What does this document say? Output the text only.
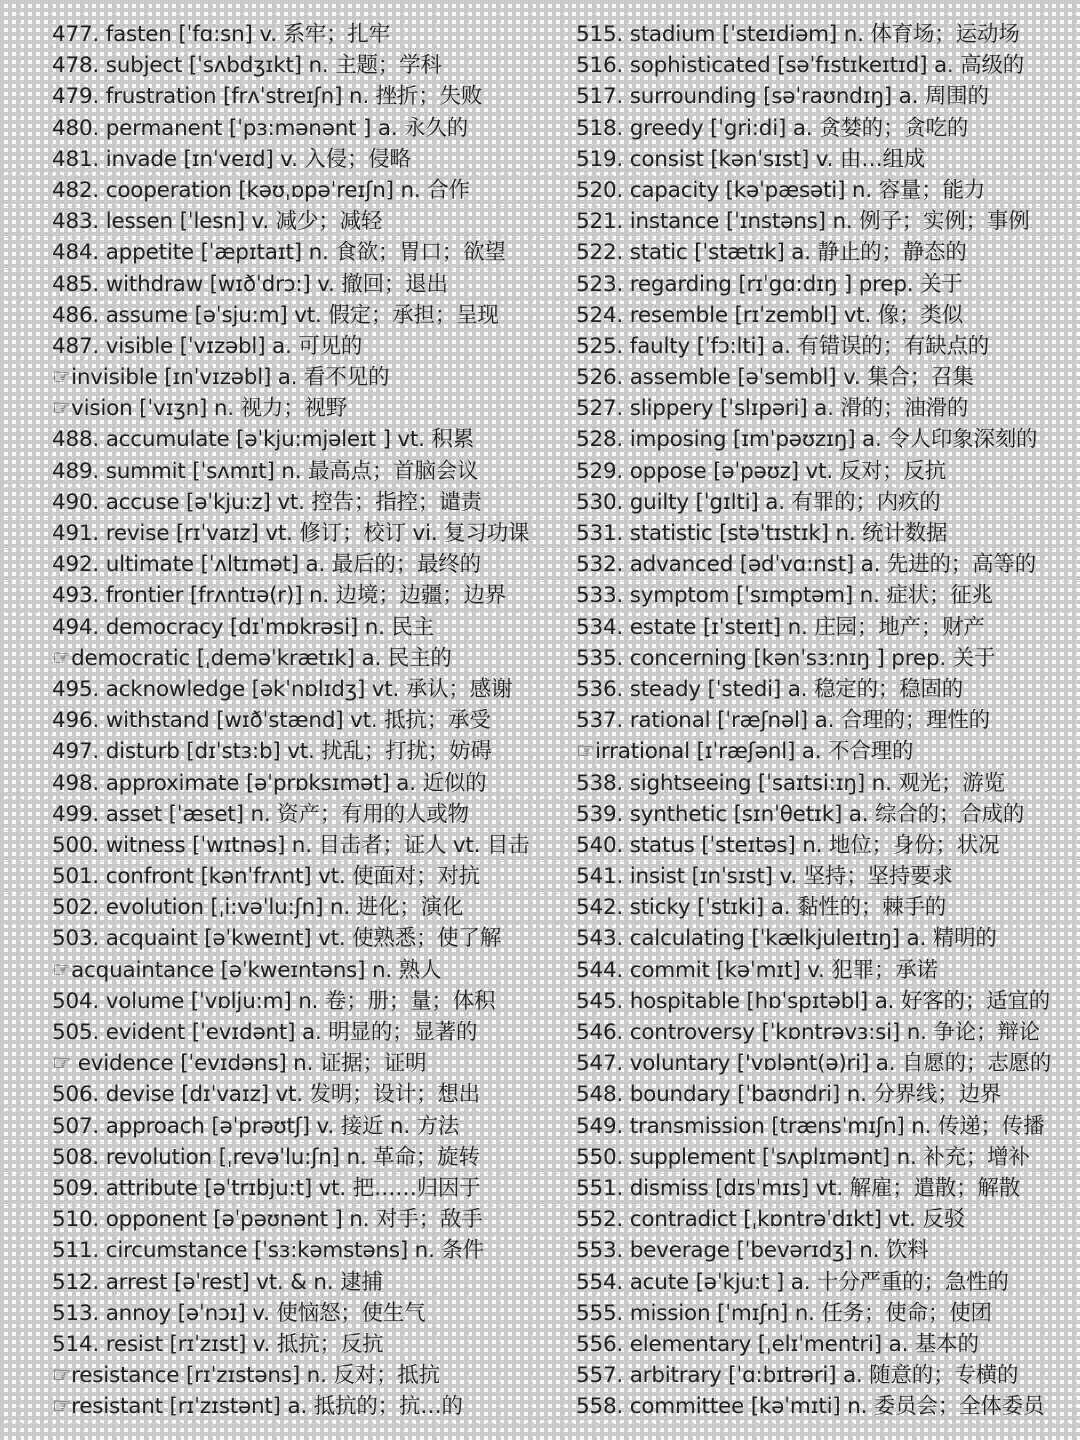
477. fasten [ˈfɑ:sn] v. 系牢；扎牢
478. subject [ˈsʌbdʒɪkt] n. 主题；学科
479. frustration [frʌˈstreɪʃn] n. 挫折；失败
480. permanent [ˈpɜ:mənənt ] a. 永久的
481. invade [ɪnˈveɪd] v. 入侵；侵略
482. cooperation [kəʊˌɒpəˈreɪʃn] n. 合作
483. lessen [ˈlesn] v. 减少；减轻
484. appetite [ˈæpɪtaɪt] n. 食欲；胃口；欲望
485. withdraw [wɪðˈdrɔ:] v. 撤回；退出
486. assume [əˈsju:m] vt. 假定；承担；呈现
487. visible [ˈvɪzəbl] a. 可见的
☞invisible [ɪnˈvɪzəbl] a. 看不见的
☞vision [ˈvɪʒn] n. 视力；视野
488. accumulate [əˈkju:mjəleɪt ] vt. 积累
489. summit [ˈsʌmɪt] n. 最高点；首脑会议
490. accuse [əˈkju:z] vt. 控告；指控；谴责
491. revise [rɪˈvaɪz] vt. 修订；校订 vi. 复习功课
492. ultimate [ˈʌltɪmət] a. 最后的；最终的
493. frontier [frʌntɪə(r)] n. 边境；边疆；边界
494. democracy [dɪˈmɒkrəsi] n. 民主
☞democratic [ˌdeməˈkrætɪk] a. 民主的
495. acknowledge [əkˈnɒlɪdʒ] vt. 承认；感谢
496. withstand [wɪðˈstænd] vt. 抵抗；承受
497. disturb [dɪˈstɜ:b] vt. 扰乱；打扰；妨碍
498. approximate [əˈprɒksɪmət] a. 近似的
499. asset [ˈæset] n. 资产；有用的人或物
500. witness [ˈwɪtnəs] n. 目击者；证人 vt. 目击
501. confront [kənˈfrʌnt] vt. 使面对；对抗
502. evolution [ˌi:vəˈlu:ʃn] n. 进化；演化
503. acquaint [əˈkweɪnt] vt. 使熟悉；使了解
☞acquaintance [əˈkweɪntəns] n. 熟人
504. volume [ˈvɒlju:m] n. 卷；册；量；体积
505. evident [ˈevɪdənt] a. 明显的；显著的
☞ evidence [ˈevɪdəns] n. 证据；证明
506. devise [dɪˈvaɪz] vt. 发明；设计；想出
507. approach [əˈprəʊtʃ] v. 接近 n. 方法
508. revolution [ˌrevəˈlu:ʃn] n. 革命；旋转
509. attribute [əˈtrɪbju:t] vt. 把……归因于
510. opponent [əˈpəʊnənt ] n. 对手；敌手
511. circumstance [ˈsɜ:kəmstəns] n. 条件
512. arrest [əˈrest] vt. & n. 逮捕
513. annoy [əˈnɔɪ] v. 使恼怒；使生气
514. resist [rɪˈzɪst] v. 抵抗；反抗
☞resistance [rɪˈzɪstəns] n. 反对；抵抗
☞resistant [rɪˈzɪstənt] a. 抵抗的；抗…的
515. stadium [ˈsteɪdiəm] n. 体育场；运动场
516. sophisticated [səˈfɪstɪkeɪtɪd] a. 高级的
517. surrounding [səˈraʊndɪŋ] a. 周围的
518. greedy [ˈgri:di] a. 贪婪的；贪吃的
519. consist [kənˈsɪst] v. 由…组成
520. capacity [kəˈpæsəti] n. 容量；能力
521. instance [ˈɪnstəns] n. 例子；实例；事例
522. static [ˈstætɪk] a. 静止的；静态的
523. regarding [rɪˈgɑ:dɪŋ ] prep. 关于
524. resemble [rɪˈzembl] vt. 像；类似
525. faulty [ˈfɔ:lti] a. 有错误的；有缺点的
526. assemble [əˈsembl] v. 集合；召集
527. slippery [ˈslɪpəri] a. 滑的；油滑的
528. imposing [ɪmˈpəʊzɪŋ] a. 令人印象深刻的
529. oppose [əˈpəʊz] vt. 反对；反抗
530. guilty [ˈgɪlti] a. 有罪的；内疚的
531. statistic [stəˈtɪstɪk] n. 统计数据
532. advanced [ədˈvɑ:nst] a. 先进的；高等的
533. symptom [ˈsɪmptəm] n. 症状；征兆
534. estate [ɪˈsteɪt] n. 庄园；地产；财产
535. concerning [kənˈsɜ:nɪŋ ] prep. 关于
536. steady [ˈstedi] a. 稳定的；稳固的
537. rational [ˈræʃnəl] a. 合理的；理性的
☞irrational [ɪˈræʃənl] a. 不合理的
538. sightseeing [ˈsaɪtsi:ɪŋ] n. 观光；游览
539. synthetic [sɪnˈθetɪk] a. 综合的；合成的
540. status [ˈsteɪtəs] n. 地位；身份；状况
541. insist [ɪnˈsɪst] v. 坚持；坚持要求
542. sticky [ˈstɪki] a. 黏性的；棘手的
543. calculating [ˈkælkjuleɪtɪŋ] a. 精明的
544. commit [kəˈmɪt] v. 犯罪；承诺
545. hospitable [hɒˈspɪtəbl] a. 好客的；适宜的
546. controversy [ˈkɒntrəvɜ:si] n. 争论；辩论
547. voluntary ['vɒlənt(ə)ri] a. 自愿的；志愿的
548. boundary [ˈbaʊndri] n. 分界线；边界
549. transmission [trænsˈmɪʃn] n. 传递；传播
550. supplement [ˈsʌplɪmənt] n. 补充；增补
551. dismiss [dɪsˈmɪs] vt. 解雇；遣散；解散
552. contradict [ˌkɒntrəˈdɪkt] vt. 反驳
553. beverage [ˈbevərɪdʒ] n. 饮料
554. acute [əˈkju:t ] a. 十分严重的；急性的
555. mission [ˈmɪʃn] n. 任务；使命；使团
556. elementary [ˌelɪˈmentri] a. 基本的
557. arbitrary [ˈɑ:bɪtrəri] a. 随意的；专横的
558. committee [kəˈmɪti] n. 委员会；全体委员
